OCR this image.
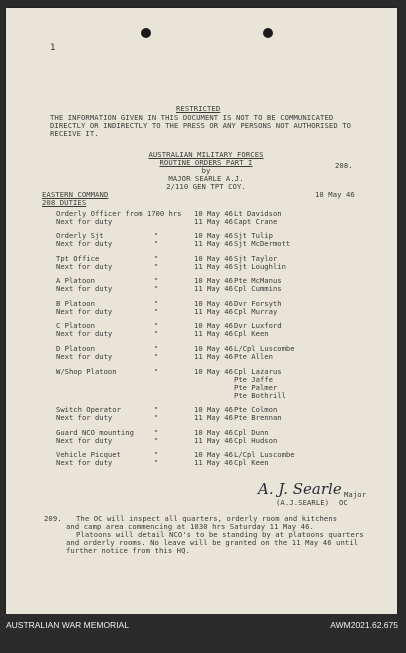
1
RESTRICTED
THE INFORMATION GIVEN IN THIS DOCUMENT IS NOT TO BE COMMUNICATED
DIRECTLY OR INDIRECTLY TO THE PRESS OR ANY PERSONS NOT AUTHORISED TO
RECEIVE IT.
AUSTRALIAN MILITARY FORCES
ROUTINE ORDERS PART I
by
MAJOR SEARLE A.J.
2/110 GEN TPT COY.
208.
EASTERN COMMAND	10 May 46
208 DUTIES
Orderly Officer from 1700 hrs 10 May 46 Lt Davidson
Next for duty	11 May 46 Capt Crane
Orderly Sjt	"	10 May 46 Sjt Tulip
Next for duty	"	11 May 46 Sjt McDermott
Tpt Office	"	10 May 46 Sjt Taylor
Next for duty	"	11 May 46 Sjt Loughlin
A Platoon	"	10 May 46 Pte McManus
Next for duty	"	11 May 46 Cpl Cummins
B Platoon	"	10 May 46 Dvr Forsyth
Next for duty	"	11 May 46 Cpl Murray
C Platoon	"	10 May 46 Dvr Luxford
Next for duty	"	11 May 46 Cpl Keen
D Platoon	"	10 May 46 L/Cpl Luscombe
Next for duty	"	11 May 46 Pte Allen
W/Shop Platoon	"	10 May 46 Cpl Lazarus
Pte Jaffe
Pte Palmer
Pte Bothrill
Switch Operator	"	10 May 46 Pte Colmon
Next for duty	"	11 May 46 Pte Brennan
Guard NCO mounting	"	10 May 46 Cpl Dunn
Next for duty	"	11 May 46 Cpl Hudson
Vehicle Picquet	"	10 May 46 L/Cpl Luscombe
Next for duty	"	11 May 46 Cpl Keen
A. J. Searle Major
(A.J.SEARLE) OC
209. The OC will inspect all quarters, orderly room and kitchens
and camp area commencing at 1030 hrs Saturday 11 May 46.
Platoons will detail NCO's to be standing by at platoons quarters
and orderly rooms. No leave will be granted on the 11 May 46 until
further notice from this HQ.
AUSTRALIAN WAR MEMORIAL	AWM2021.62.675
